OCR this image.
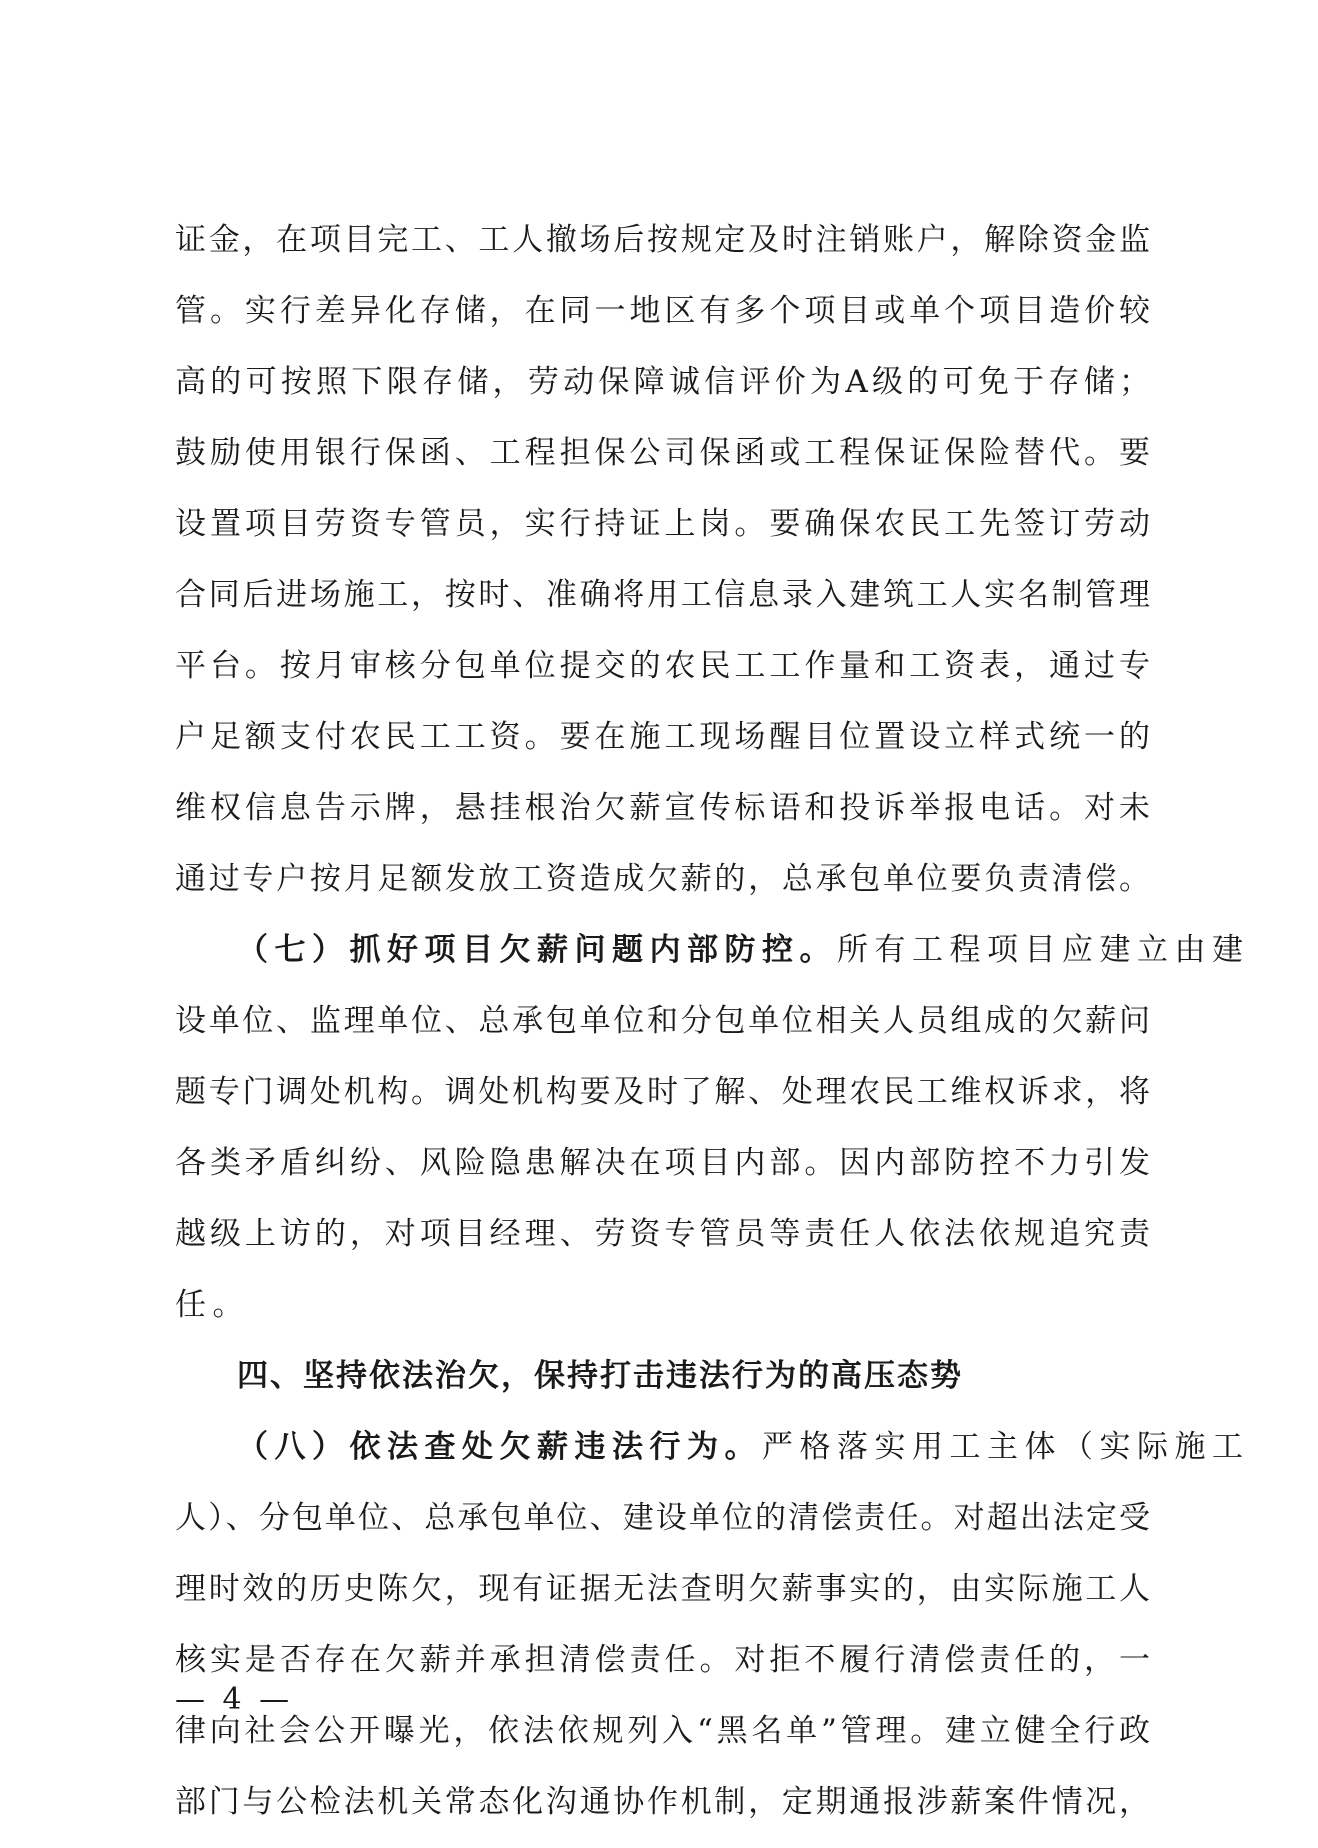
证金，在项目完工、工人撤场后按规定及时注销账户，解除资金监
管。实行差异化存储，在同一地区有多个项目或单个项目造价较
高的可按照下限存储，劳动保障诚信评价为A级的可免于存储；
鼓励使用银行保函、工程担保公司保函或工程保证保险替代。要
设置项目劳资专管员，实行持证上岗。要确保农民工先签订劳动
合同后进场施工，按时、准确将用工信息录入建筑工人实名制管理
平台。按月审核分包单位提交的农民工工作量和工资表，通过专
户足额支付农民工工资。要在施工现场醒目位置设立样式统一的
维权信息告示牌，悬挂根治欠薪宣传标语和投诉举报电话。对未
通过专户按月足额发放工资造成欠薪的，总承包单位要负责清偿。
（七）抓好项目欠薪问题内部防控。所有工程项目应建立由建
设单位、监理单位、总承包单位和分包单位相关人员组成的欠薪问
题专门调处机构。调处机构要及时了解、处理农民工维权诉求，将
各类矛盾纠纷、风险隐患解决在项目内部。因内部防控不力引发
越级上访的，对项目经理、劳资专管员等责任人依法依规追究责
任。
四、坚持依法治欠，保持打击违法行为的高压态势
（八）依法查处欠薪违法行为。严格落实用工主体（实际施工
人）、分包单位、总承包单位、建设单位的清偿责任。对超出法定受
理时效的历史陈欠，现有证据无法查明欠薪事实的，由实际施工人
核实是否存在欠薪并承担清偿责任。对拒不履行清偿责任的，一
律向社会公开曝光，依法依规列入“黑名单”管理。建立健全行政
部门与公检法机关常态化沟通协作机制，定期通报涉薪案件情况，
— 4 —
